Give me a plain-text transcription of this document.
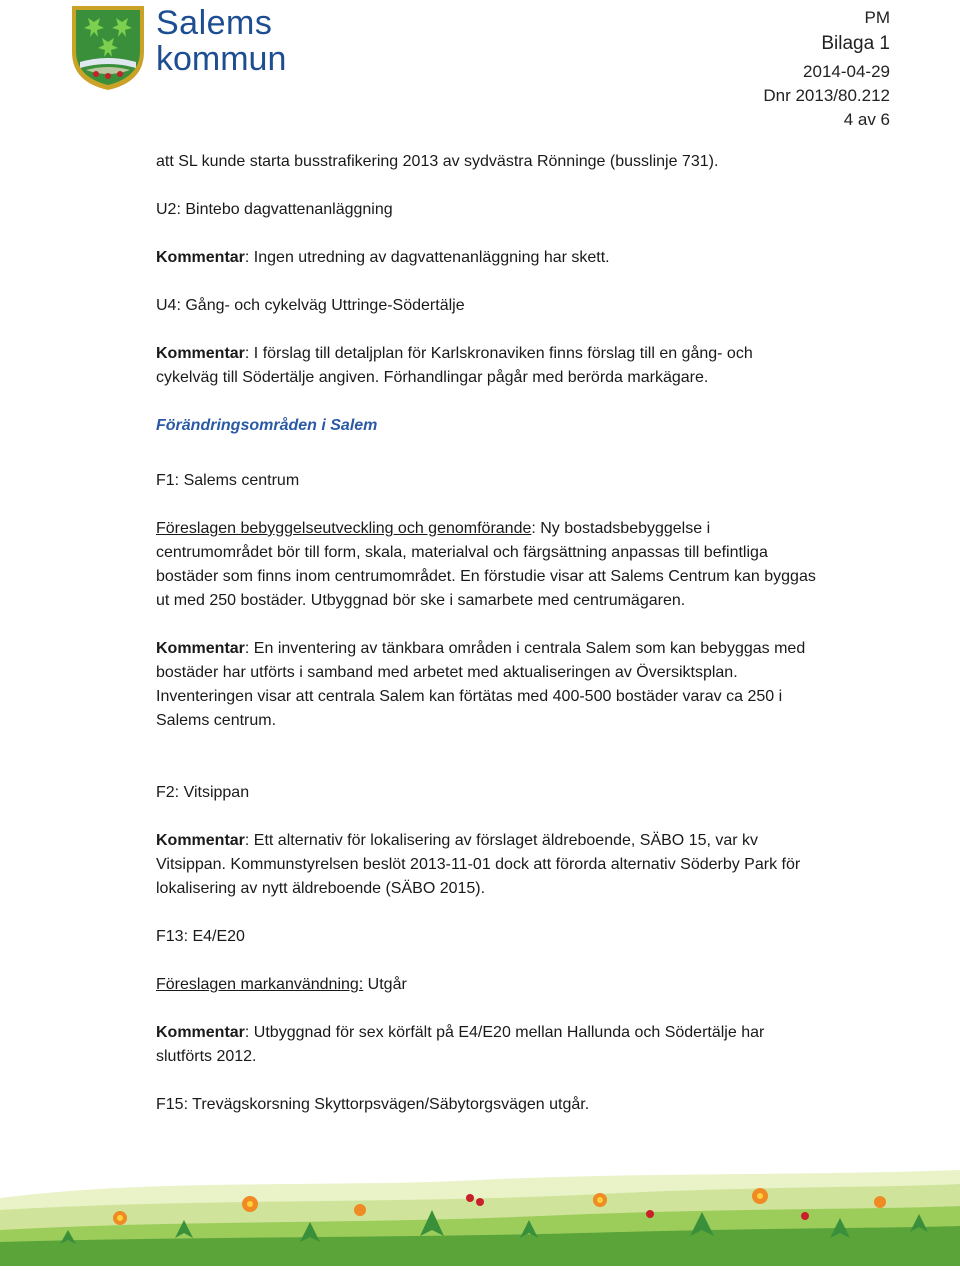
Salems
kommun
PM
Bilaga 1
2014-04-29
Dnr 2013/80.212
4 av 6

att SL kunde starta busstrafikering 2013 av sydvästra Rönninge (busslinje 731).

U2: Bintebo dagvattenanläggning

Kommentar: Ingen utredning av dagvattenanläggning har skett.

U4: Gång- och cykelväg Uttringe-Södertälje

Kommentar: I förslag till detaljplan för Karlskronaviken finns förslag till en gång- och cykelväg till Södertälje angiven. Förhandlingar pågår med berörda markägare.

Förändringsområden i Salem

F1: Salems centrum

Föreslagen bebyggelseutveckling och genomförande: Ny bostadsbebyggelse i centrumområdet bör till form, skala, materialval och färgsättning anpassas till befintliga bostäder som finns inom centrumområdet. En förstudie visar att Salems Centrum kan byggas ut med 250 bostäder. Utbyggnad bör ske i samarbete med centrumägaren.

Kommentar: En inventering av tänkbara områden i centrala Salem som kan bebyggas med bostäder har utförts i samband med arbetet med aktualiseringen av Översiktsplan. Inventeringen visar att centrala Salem kan förtätas med 400-500 bostäder varav ca 250 i Salems centrum.

F2: Vitsippan

Kommentar: Ett alternativ för lokalisering av förslaget äldreboende, SÄBO 15, var kv Vitsippan. Kommunstyrelsen beslöt 2013-11-01 dock att förorda alternativ Söderby Park för lokalisering av nytt äldreboende (SÄBO 2015).

F13: E4/E20

Föreslagen markanvändning: Utgår

Kommentar: Utbyggnad för sex körfält på E4/E20 mellan Hallunda och Södertälje har slutförts 2012.

F15: Trevägskorsning Skyttorpsvägen/Säbytorgsvägen utgår.
